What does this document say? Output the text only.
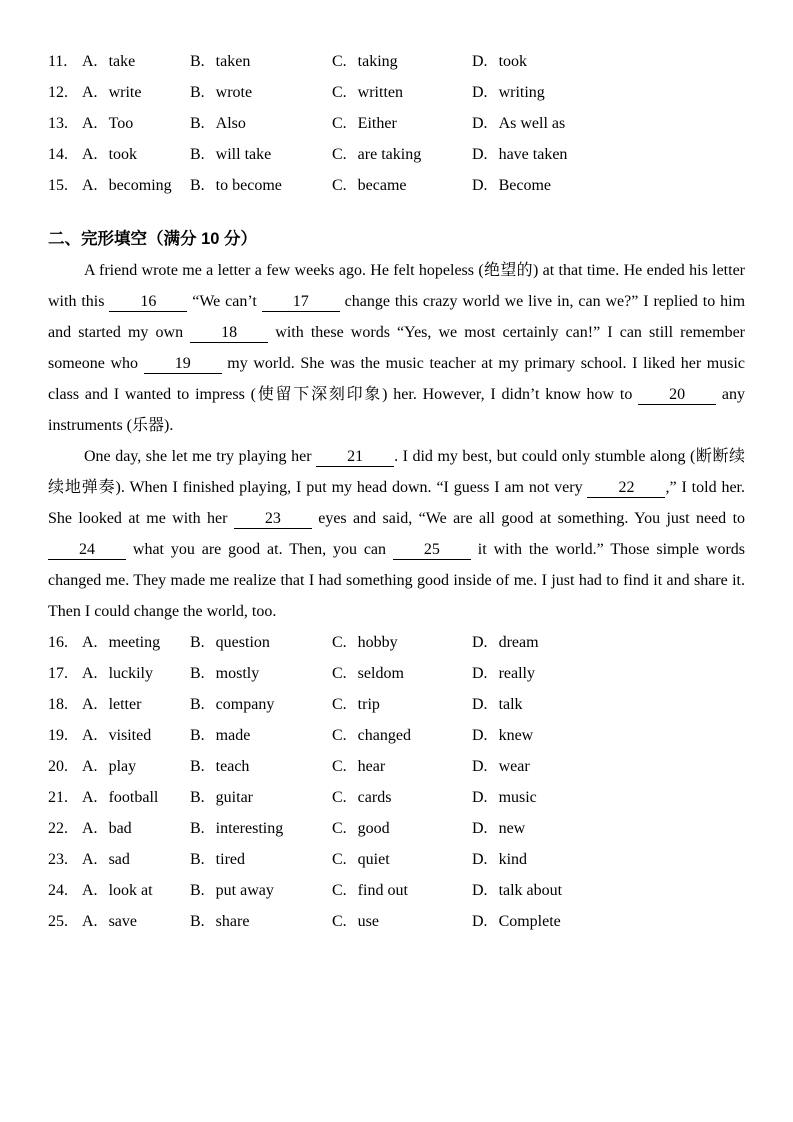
11. A. take	B. taken	C. taking	D. took
12. A. write	B. wrote	C. written	D. writing
13. A. Too	B. Also	C. Either	D. As well as
14. A. took	B. will take	C. are taking	D. have taken
15. A. becoming	B. to become	C. became	D. Become
二、完形填空（满分 10 分）

A friend wrote me a letter a few weeks ago. He felt hopeless (绝望的) at that time. He ended his letter with this 16 “We can’t 17 change this crazy world we live in, can we?” I replied to him and started my own 18 with these words “Yes, we most certainly can!” I can still remember someone who 19 my world. She was the music teacher at my primary school. I liked her music class and I wanted to impress (使留下深刻印象) her. However, I didn’t know how to 20 any instruments (乐器).

One day, she let me try playing her 21 . I did my best, but could only stumble along (断断续续地弹奏). When I finished playing, I put my head down. “I guess I am not very 22 ,” I told her. She looked at me with her 23 eyes and said, “We are all good at something. You just need to 24 what you are good at. Then, you can 25 it with the world.” Those simple words changed me. They made me realize that I had something good inside of me. I just had to find it and share it. Then I could change the world, too.

16. A. meeting	B. question	C. hobby	D. dream
17. A. luckily	B. mostly	C. seldom	D. really
18. A. letter	B. company	C. trip	D. talk
19. A. visited	B. made	C. changed	D. knew
20. A. play	B. teach	C. hear	D. wear
21. A. football	B. guitar	C. cards	D. music
22. A. bad	B. interesting	C. good	D. new
23. A. sad	B. tired	C. quiet	D. kind
24. A. look at	B. put away	C. find out	D. talk about
25. A. save	B. share	C. use	D. Complete
